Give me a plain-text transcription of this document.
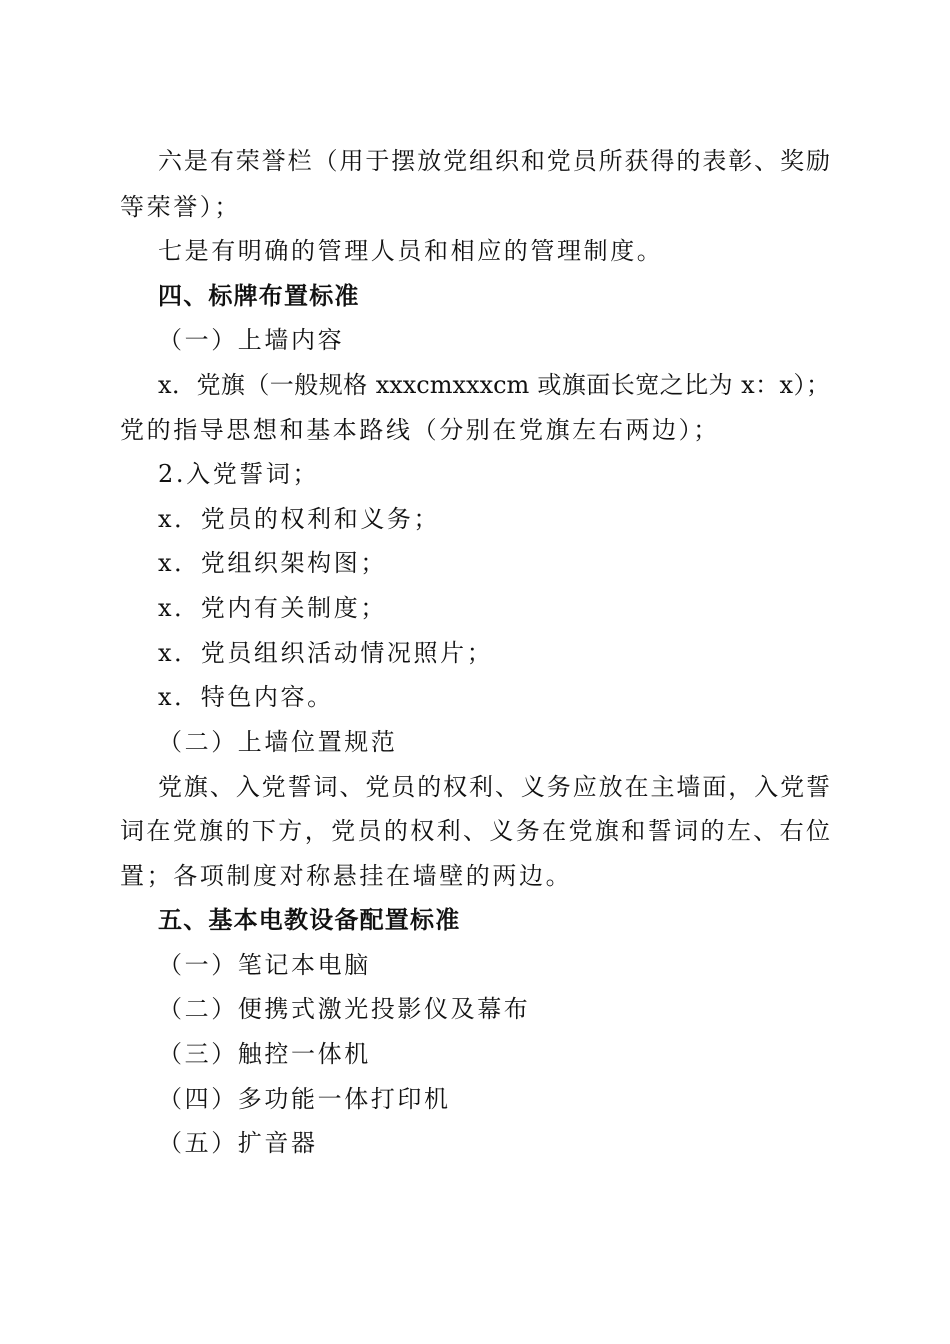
六是有荣誉栏（用于摆放党组织和党员所获得的表彰、奖励
等荣誉）；
七是有明确的管理人员和相应的管理制度。
四、标牌布置标准
（一）上墙内容
x．党旗（一般规格 xxxcmxxxcm 或旗面长宽之比为 x：x）；
党的指导思想和基本路线（分别在党旗左右两边）；
2.入党誓词；
x．党员的权利和义务；
x．党组织架构图；
x．党内有关制度；
x．党员组织活动情况照片；
x．特色内容。
（二）上墙位置规范
党旗、入党誓词、党员的权利、义务应放在主墙面，入党誓
词在党旗的下方，党员的权利、义务在党旗和誓词的左、右位
置；各项制度对称悬挂在墙壁的两边。
五、基本电教设备配置标准
（一）笔记本电脑
（二）便携式激光投影仪及幕布
（三）触控一体机
（四）多功能一体打印机
（五）扩音器
